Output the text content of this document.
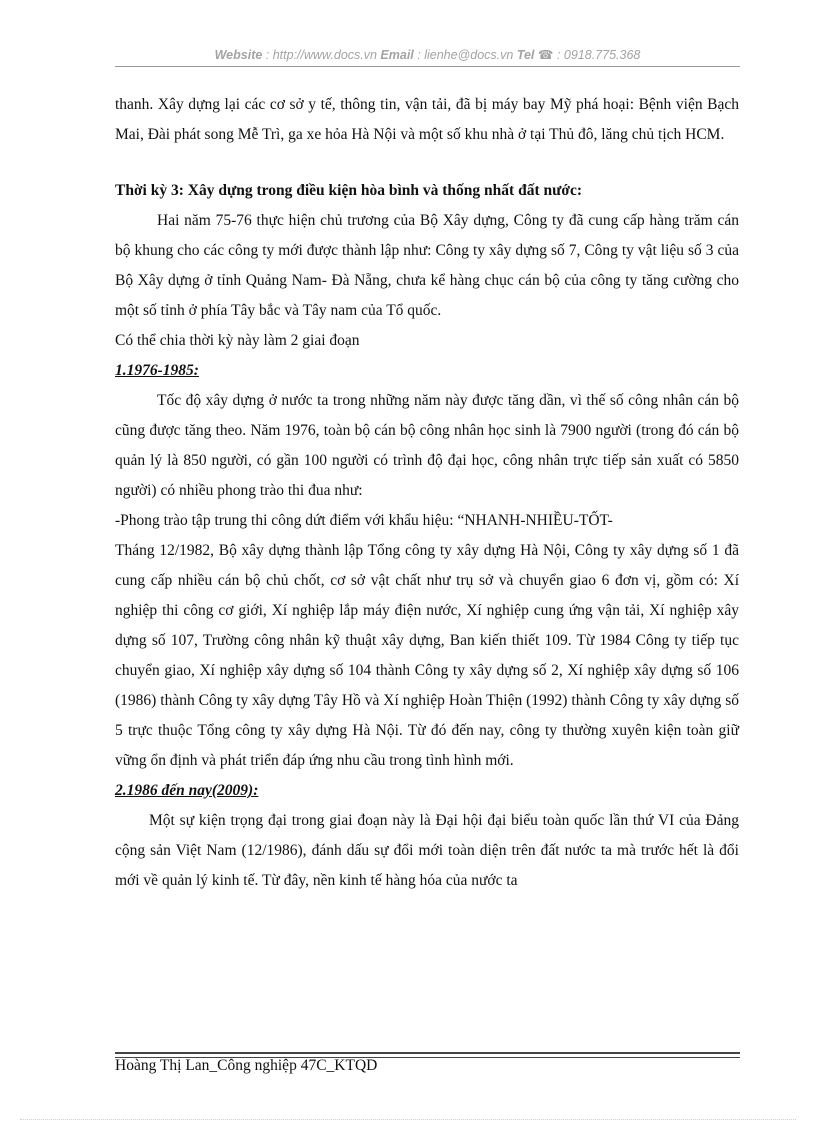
Website : http://www.docs.vn Email : lienhe@docs.vn Tel ☎ : 0918.775.368

thanh. Xây dựng lại các cơ sở y tế, thông tin, vận tải, đã bị máy bay Mỹ phá hoại: Bệnh viện Bạch Mai, Đài phát song Mễ Trì, ga xe hỏa Hà Nội và một số khu nhà ở tại Thủ đô, lăng chủ tịch HCM.

Thời kỳ 3: Xây dựng trong điều kiện hòa bình và thống nhất đất nước:

Hai năm 75-76 thực hiện chủ trương của Bộ Xây dựng, Công ty đã cung cấp hàng trăm cán bộ khung cho các công ty mới được thành lập như: Công ty xây dựng số 7, Công ty vật liệu số 3 của Bộ Xây dựng ở tỉnh Quảng Nam- Đà Nẵng, chưa kể hàng chục cán bộ của công ty tăng cường cho một số tỉnh ở phía Tây bắc và Tây nam của Tổ quốc.

Có thể chia thời kỳ này làm 2 giai đoạn

1.1976-1985:

Tốc độ xây dựng ở nước ta trong những năm này được tăng dần, vì thế số công nhân cán bộ cũng được tăng theo. Năm 1976, toàn bộ cán bộ công nhân học sinh là 7900 người (trong đó cán bộ quản lý là 850 người, có gần 100 người có trình độ đại học, công nhân trực tiếp sản xuất có 5850 người) có nhiều phong trào thi đua như:

-Phong trào tập trung thi công dứt điểm với khẩu hiệu: “NHANH-NHIỀU-TỐT-

Tháng 12/1982, Bộ xây dựng thành lập Tổng công ty xây dựng Hà Nội, Công ty xây dựng số 1 đã cung cấp nhiều cán bộ chủ chốt, cơ sở vật chất như trụ sở và chuyển giao 6 đơn vị, gồm có: Xí nghiệp thi công cơ giới, Xí nghiệp lắp máy điện nước, Xí nghiệp cung ứng vận tải, Xí nghiệp xây dựng số 107, Trường công nhân kỹ thuật xây dựng, Ban kiến thiết 109. Từ 1984 Công ty tiếp tục chuyển giao, Xí nghiệp xây dựng số 104 thành Công ty xây dựng số 2, Xí nghiệp xây dựng số 106 (1986) thành Công ty xây dựng Tây Hồ và Xí nghiệp Hoàn Thiện (1992) thành Công ty xây dựng số 5 trực thuộc Tổng công ty xây dựng Hà Nội. Từ đó đến nay, công ty thường xuyên kiện toàn giữ vững ổn định và phát triển đáp ứng nhu cầu trong tình hình mới.

2.1986 đến nay(2009):

Một sự kiện trọng đại trong giai đoạn này là Đại hội đại biểu toàn quốc lần thứ VI của Đảng cộng sản Việt Nam (12/1986), đánh dấu sự đổi mới toàn diện trên đất nước ta mà trước hết là đổi mới về quản lý kinh tế. Từ đây, nền kinh tế hàng hóa của nước ta

Hoàng Thị Lan_Công nghiệp 47C_KTQD
